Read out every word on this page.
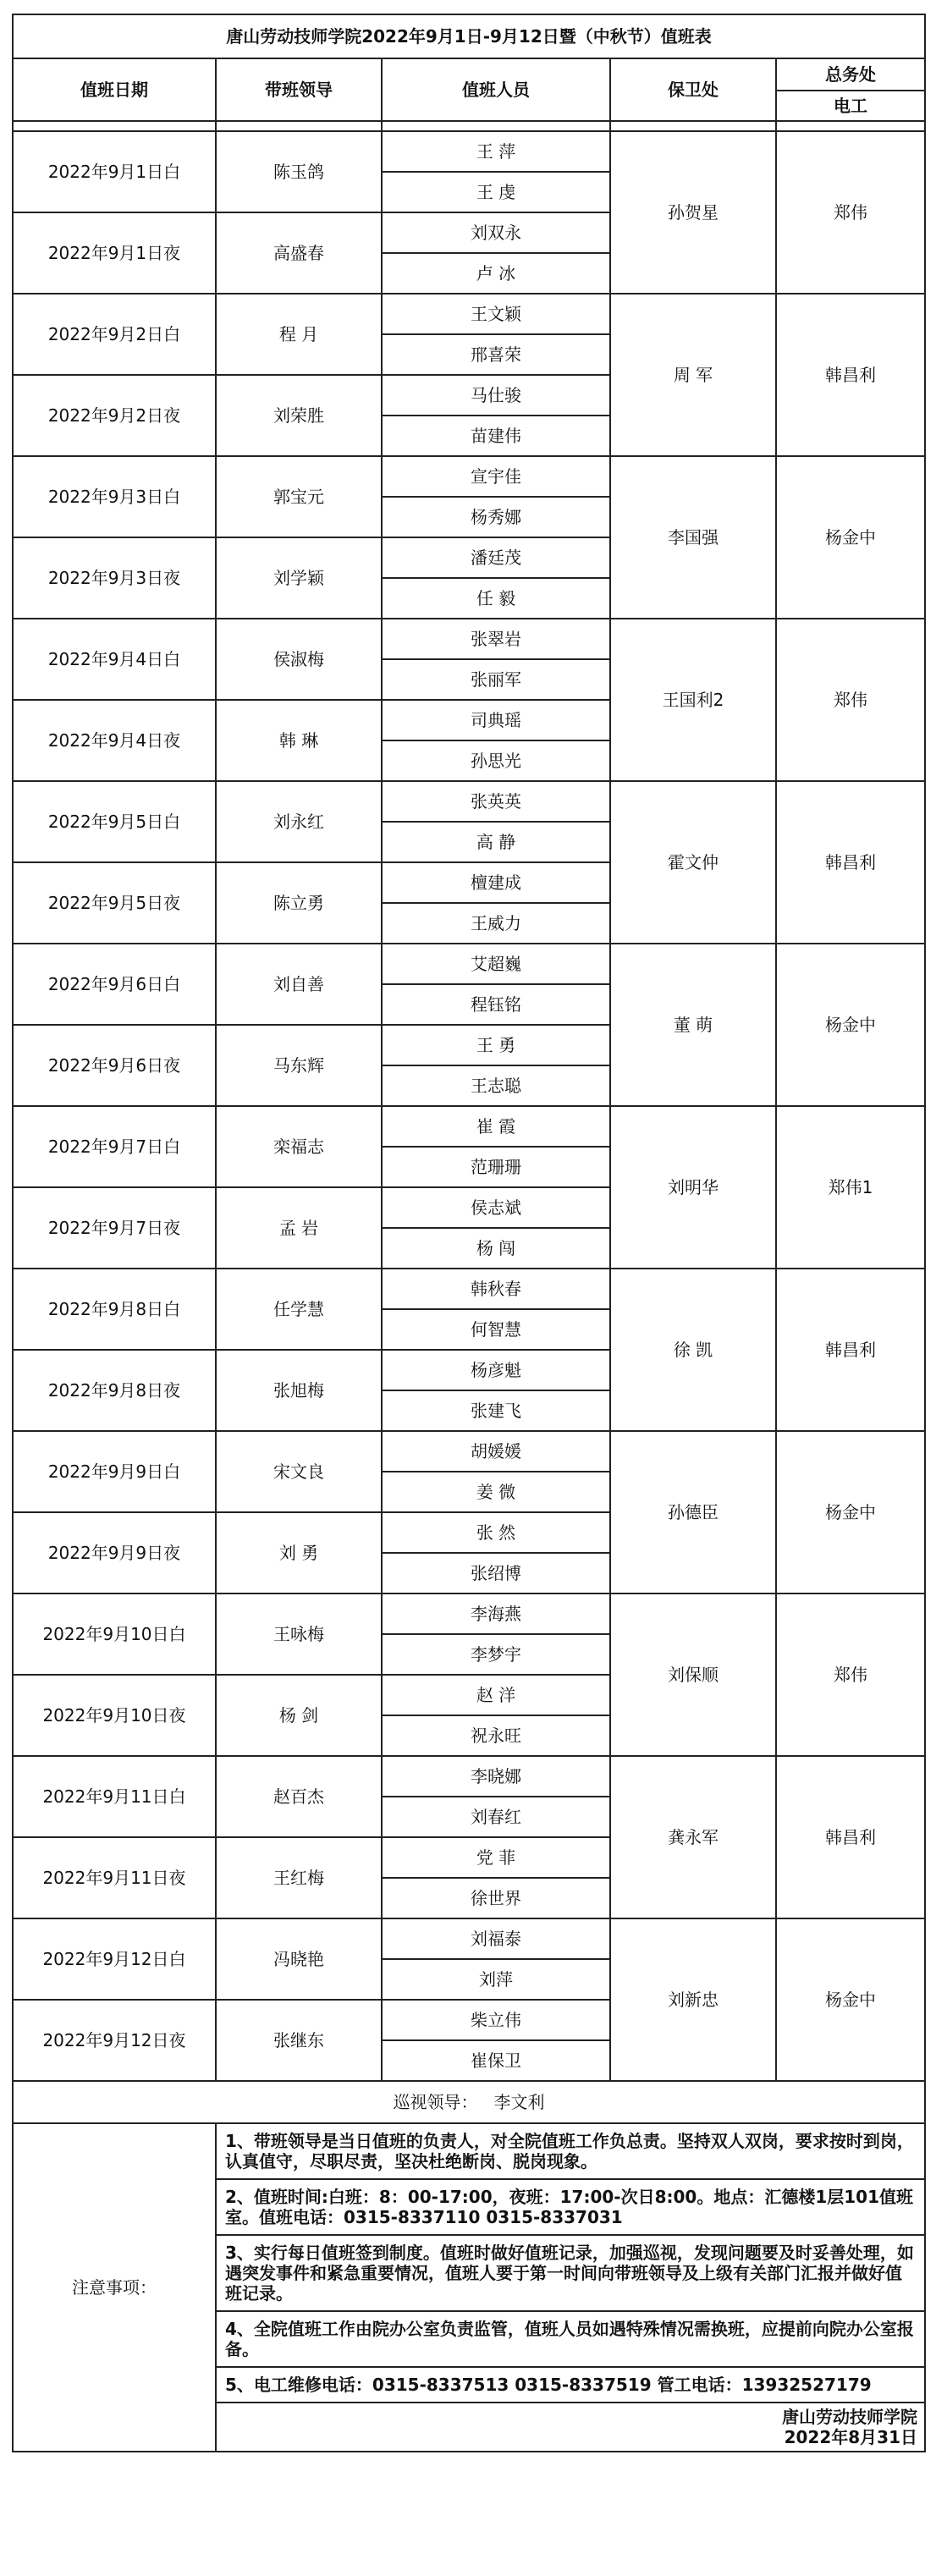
唐山劳动技师学院2022年9月1日-9月12日暨（中秋节）值班表				
值班日期	带班领导	值班人员	保卫处	总务处
				电工

2022年9月1日白	陈玉鸽	王 萍	孙贺星	郑伟
		王 虔		
2022年9月1日夜	高盛春	刘双永		
		卢 冰		
2022年9月2日白	程 月	王文颖	周 军	韩昌利
		邢喜荣		
2022年9月2日夜	刘荣胜	马仕骏		
		苗建伟		
2022年9月3日白	郭宝元	宣宇佳	李国强	杨金中
		杨秀娜		
2022年9月3日夜	刘学颖	潘廷茂		
		任 毅		
2022年9月4日白	侯淑梅	张翠岩	王国利2	郑伟
		张丽军		
2022年9月4日夜	韩 琳	司典瑶		
		孙思光		
2022年9月5日白	刘永红	张英英	霍文仲	韩昌利
		高 静		
2022年9月5日夜	陈立勇	檀建成		
		王威力		
2022年9月6日白	刘自善	艾超巍	董 萌	杨金中
		程钰铭		
2022年9月6日夜	马东辉	王 勇		
		王志聪		
2022年9月7日白	栾福志	崔 霞	刘明华	郑伟1
		范珊珊		
2022年9月7日夜	孟 岩	侯志斌		
		杨 闯		
2022年9月8日白	任学慧	韩秋春	徐 凯	韩昌利
		何智慧		
2022年9月8日夜	张旭梅	杨彦魁		
		张建飞		
2022年9月9日白	宋文良	胡媛媛	孙德臣	杨金中
		姜 微		
2022年9月9日夜	刘 勇	张 然		
		张绍博		
2022年9月10日白	王咏梅	李海燕	刘保顺	郑伟
		李梦宇		
2022年9月10日夜	杨 剑	赵 洋		
		祝永旺		
2022年9月11日白	赵百杰	李晓娜	龚永军	韩昌利
		刘春红		
2022年9月11日夜	王红梅	党 菲		
		徐世界		
2022年9月12日白	冯晓艳	刘福泰	刘新忠	杨金中
		刘萍		
2022年9月12日夜	张继东	柴立伟		
		崔保卫		
巡视领导： 李文利				
注意事项：	1、带班领导是当日值班的负责人，对全院值班工作负总责。坚持双人双岗，要求按时到岗，认真值守，尽职尽责，坚决杜绝断岗、脱岗现象。			
	2、值班时间:白班：8：00-17:00，夜班：17:00-次日8:00。地点：汇德楼1层101值班室。值班电话：0315-8337110 0315-8337031			
	3、实行每日值班签到制度。值班时做好值班记录，加强巡视，发现问题要及时妥善处理，如遇突发事件和紧急重要情况，值班人要于第一时间向带班领导及上级有关部门汇报并做好值班记录。			
	4、全院值班工作由院办公室负责监管，值班人员如遇特殊情况需换班，应提前向院办公室报备。			
	5、电工维修电话：0315-8337513 0315-8337519 管工电话：13932527179			

	唐山劳动技师学院
2022年8月31日			
